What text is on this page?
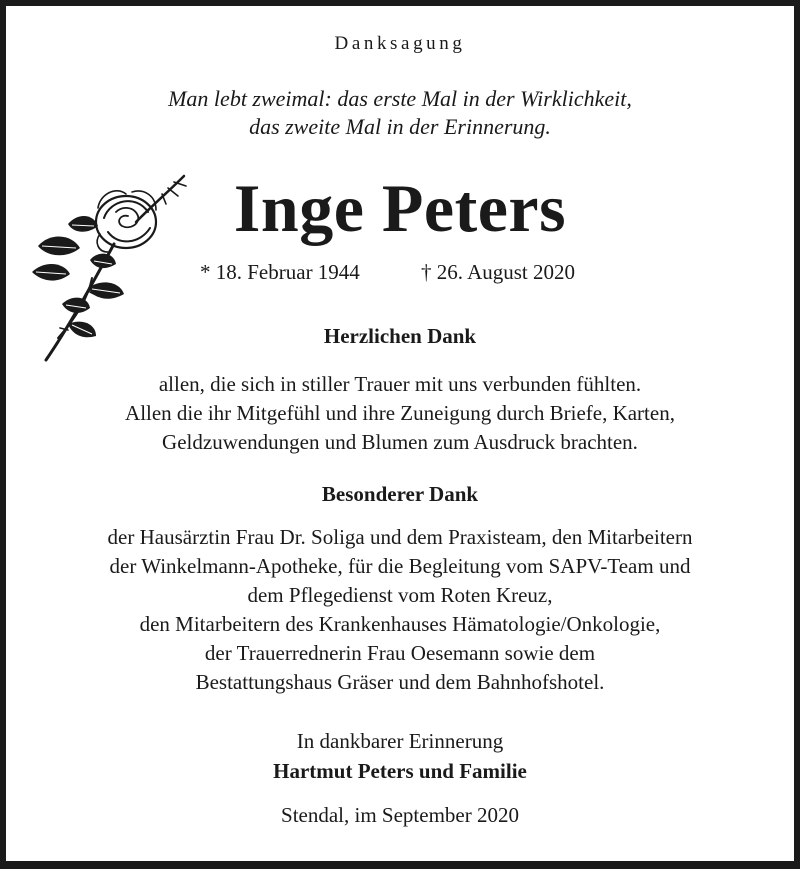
Danksagung
Man lebt zweimal: das erste Mal in der Wirklichkeit,
das zweite Mal in der Erinnerung.
Inge Peters
* 18. Februar 1944	† 26. August 2020
Herzlichen Dank
allen, die sich in stiller Trauer mit uns verbunden fühlten.
Allen die ihr Mitgefühl und ihre Zuneigung durch Briefe, Karten,
Geldzuwendungen und Blumen zum Ausdruck brachten.
Besonderer Dank
der Hausärztin Frau Dr. Soliga und dem Praxisteam, den Mitarbeitern
der Winkelmann-Apotheke, für die Begleitung vom SAPV-Team und
dem Pflegedienst vom Roten Kreuz,
den Mitarbeitern des Krankenhauses Hämatologie/Onkologie,
der Trauerrednerin Frau Oesemann sowie dem
Bestattungshaus Gräser und dem Bahnhofshotel.
In dankbarer Erinnerung
Hartmut Peters und Familie
Stendal, im September 2020
